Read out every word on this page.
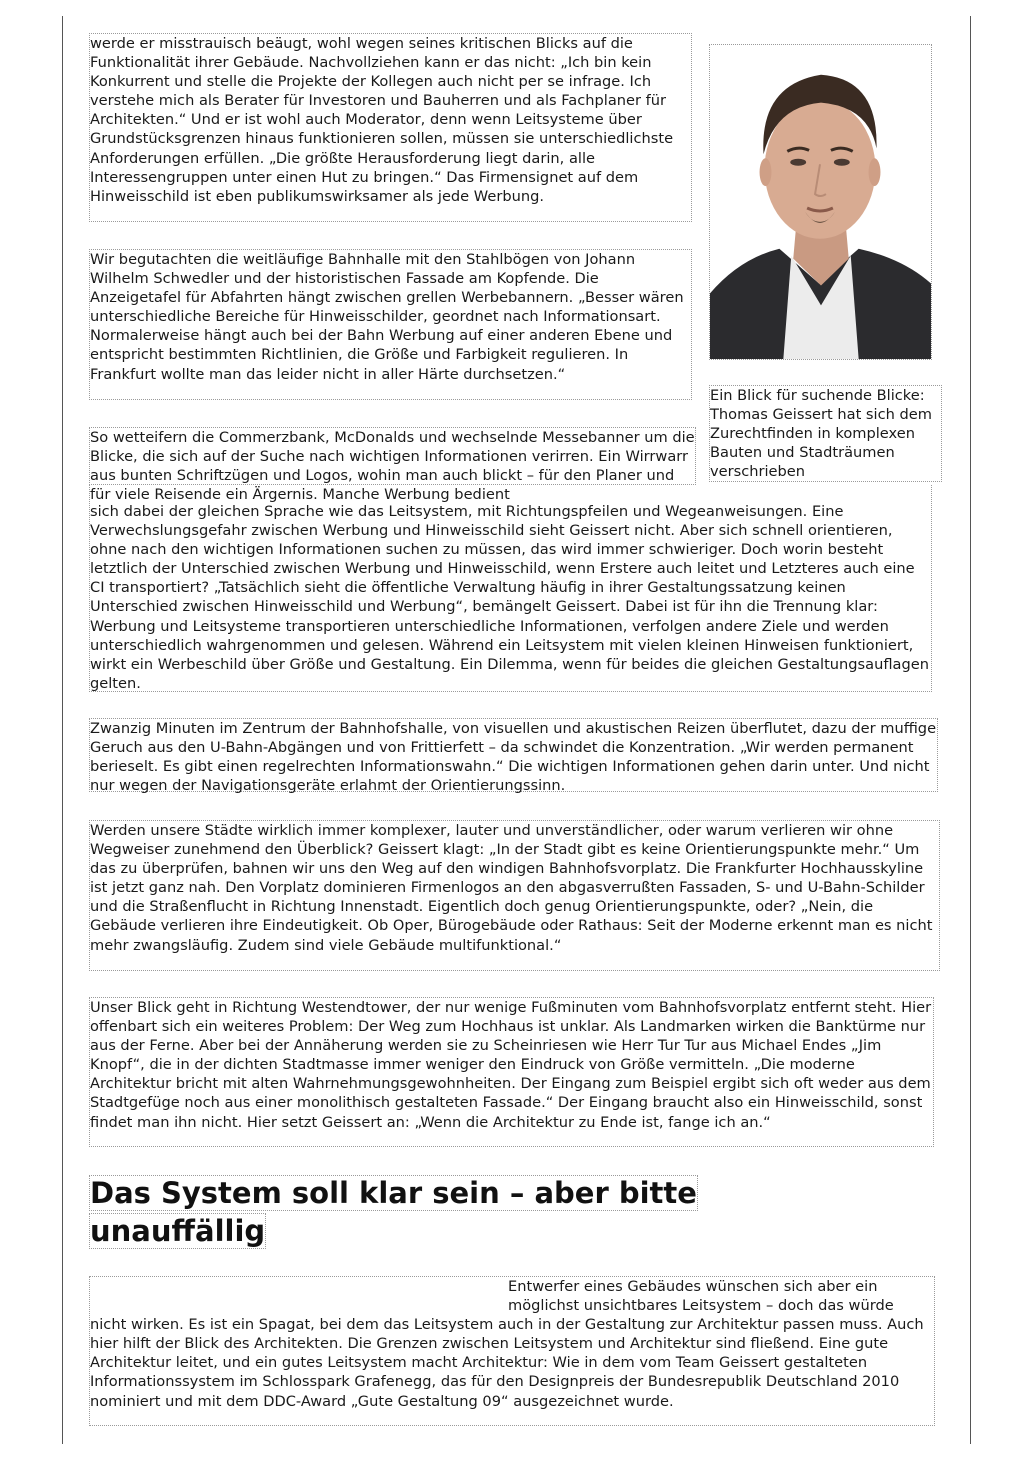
werde er misstrauisch beäugt, wohl wegen seines kritischen Blicks auf die Funktionalität ihrer Gebäude. Nachvollziehen kann er das nicht: „Ich bin kein Konkurrent und stelle die Projekte der Kollegen auch nicht per se infrage. Ich verstehe mich als Berater für Investoren und Bauherren und als Fachplaner für Architekten.“ Und er ist wohl auch Moderator, denn wenn Leitsysteme über Grundstücksgrenzen hinaus funktionieren sollen, müssen sie unterschiedlichste Anforderungen erfüllen. „Die größte Herausforderung liegt darin, alle Interessengruppen unter einen Hut zu bringen.“ Das Firmensignet auf dem Hinweisschild ist eben publikumswirksamer als jede Werbung.

Wir begutachten die weitläufige Bahnhalle mit den Stahlbögen von Johann Wilhelm Schwedler und der historistischen Fassade am Kopfende. Die Anzeigetafel für Abfahrten hängt zwischen grellen Werbebannern. „Besser wären unterschiedliche Bereiche für Hinweisschilder, geordnet nach Informationsart. Normalerweise hängt auch bei der Bahn Werbung auf einer anderen Ebene und entspricht bestimmten Richtlinien, die Größe und Farbigkeit regulieren. In Frankfurt wollte man das leider nicht in aller Härte durchsetzen.“

Ein Blick für suchende Blicke: Thomas Geissert hat sich dem Zurechtfinden in komplexen Bauten und Stadträumen verschrieben

So wetteifern die Commerzbank, McDonalds und wechselnde Messebanner um die Blicke, die sich auf der Suche nach wichtigen Informationen verirren. Ein Wirrwarr aus bunten Schriftzügen und Logos, wohin man auch blickt – für den Planer und für viele Reisende ein Ärgernis. Manche Werbung bedient

sich dabei der gleichen Sprache wie das Leitsystem, mit Richtungspfeilen und Wegeanweisungen. Eine Verwechslungsgefahr zwischen Werbung und Hinweisschild sieht Geissert nicht. Aber sich schnell orientieren, ohne nach den wichtigen Informationen suchen zu müssen, das wird immer schwieriger. Doch worin besteht letztlich der Unterschied zwischen Werbung und Hinweisschild, wenn Erstere auch leitet und Letzteres auch eine CI transportiert? „Tatsächlich sieht die öffentliche Verwaltung häufig in ihrer Gestaltungssatzung keinen Unterschied zwischen Hinweisschild und Werbung“, bemängelt Geissert. Dabei ist für ihn die Trennung klar: Werbung und Leitsysteme transportieren unterschiedliche Informationen, verfolgen andere Ziele und werden unterschiedlich wahrgenommen und gelesen. Während ein Leitsystem mit vielen kleinen Hinweisen funktioniert, wirkt ein Werbeschild über Größe und Gestaltung. Ein Dilemma, wenn für beides die gleichen Gestaltungsauflagen gelten.

Zwanzig Minuten im Zentrum der Bahnhofshalle, von visuellen und akustischen Reizen überflutet, dazu der muffige Geruch aus den U-Bahn-Abgängen und von Frittierfett – da schwindet die Konzentration. „Wir werden permanent berieselt. Es gibt einen regelrechten Informationswahn.“ Die wichtigen Informationen gehen darin unter. Und nicht nur wegen der Navigationsgeräte erlahmt der Orientierungssinn.

Werden unsere Städte wirklich immer komplexer, lauter und unverständlicher, oder warum verlieren wir ohne Wegweiser zunehmend den Überblick? Geissert klagt: „In der Stadt gibt es keine Orientierungspunkte mehr.“ Um das zu überprüfen, bahnen wir uns den Weg auf den windigen Bahnhofsvorplatz. Die Frankfurter Hochhausskyline ist jetzt ganz nah. Den Vorplatz dominieren Firmenlogos an den abgasverrußten Fassaden, S- und U-Bahn-Schilder und die Straßenflucht in Richtung Innenstadt. Eigentlich doch genug Orientierungspunkte, oder? „Nein, die Gebäude verlieren ihre Eindeutigkeit. Ob Oper, Bürogebäude oder Rathaus: Seit der Moderne erkennt man es nicht mehr zwangsläufig. Zudem sind viele Gebäude multifunktional.“

Unser Blick geht in Richtung Westendtower, der nur wenige Fußminuten vom Bahnhofsvorplatz entfernt steht. Hier offenbart sich ein weiteres Problem: Der Weg zum Hochhaus ist unklar. Als Landmarken wirken die Banktürme nur aus der Ferne. Aber bei der Annäherung werden sie zu Scheinriesen wie Herr Tur Tur aus Michael Endes „Jim Knopf“, die in der dichten Stadtmasse immer weniger den Eindruck von Größe vermitteln. „Die moderne Architektur bricht mit alten Wahrnehmungsgewohnheiten. Der Eingang zum Beispiel ergibt sich oft weder aus dem Stadtgefüge noch aus einer monolithisch gestalteten Fassade.“ Der Eingang braucht also ein Hinweisschild, sonst findet man ihn nicht. Hier setzt Geissert an: „Wenn die Architektur zu Ende ist, fange ich an.“

Das System soll klar sein – aber bitte unauffällig
Entwerfer eines Gebäudes wünschen sich aber ein möglichst unsichtbares Leitsystem – doch das würde nicht wirken. Es ist ein Spagat, bei dem das Leitsystem auch in der Gestaltung zur Architektur passen muss. Auch hier hilft der Blick des Architekten. Die Grenzen zwischen Leitsystem und Architektur sind fließend. Eine gute Architektur leitet, und ein gutes Leitsystem macht Architektur: Wie in dem vom Team Geissert gestalteten Informationssystem im Schlosspark Grafenegg, das für den Designpreis der Bundesrepublik Deutschland 2010 nominiert und mit dem DDC-Award „Gute Gestaltung 09“ ausgezeichnet wurde.
